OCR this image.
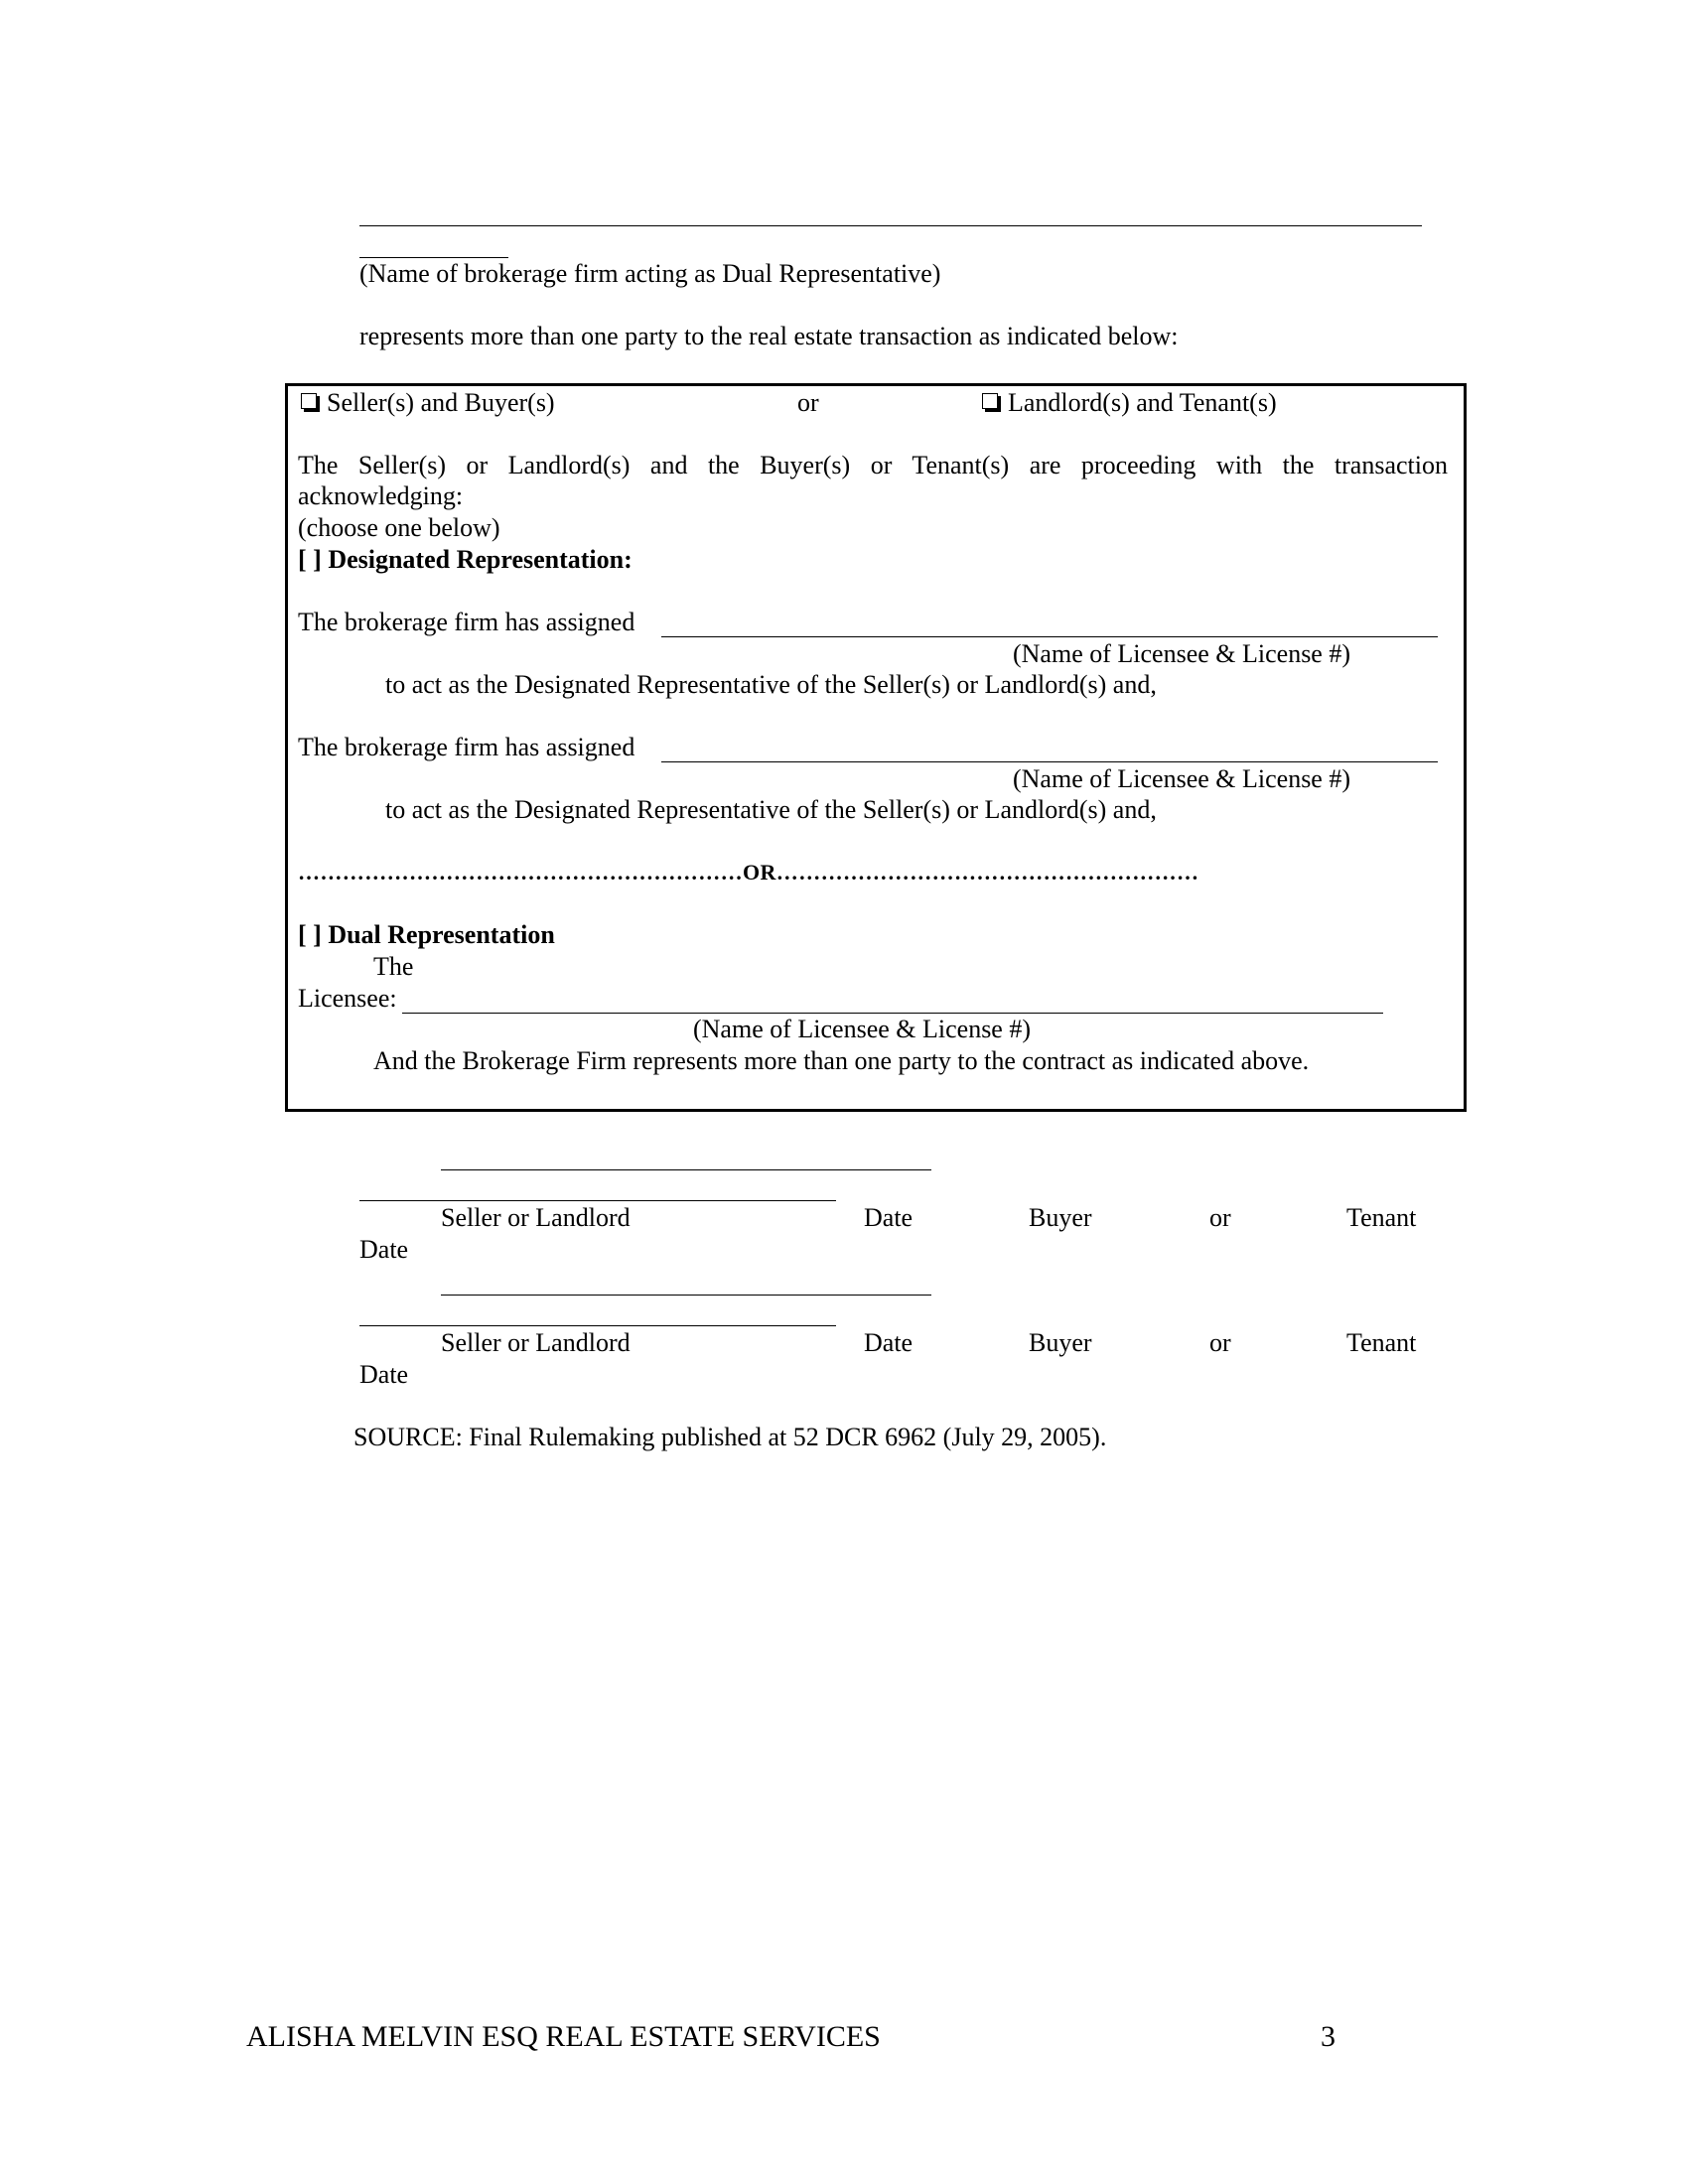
(Name of brokerage firm acting as Dual Representative)
represents more than one party to the real estate transaction as indicated below:
Seller(s) and Buyer(s)	or	Landlord(s) and Tenant(s)
The Seller(s) or Landlord(s) and the Buyer(s) or Tenant(s) are proceeding with the transaction
acknowledging:
(choose one below)
[ ] Designated Representation:
The brokerage firm has assigned
(Name of Licensee & License #)
to act as the Designated Representative of the Seller(s) or Landlord(s) and,
The brokerage firm has assigned
(Name of Licensee & License #)
to act as the Designated Representative of the Seller(s) or Landlord(s) and,
……………………………………………………OR…………………………………………………
[ ] Dual Representation
The
Licensee:
(Name of Licensee & License #)
And the Brokerage Firm represents more than one party to the contract as indicated above.
Seller or Landlord	Date	Buyer	or	Tenant
Date
Seller or Landlord	Date	Buyer	or	Tenant
Date
SOURCE: Final Rulemaking published at 52 DCR 6962 (July 29, 2005).
ALISHA MELVIN ESQ REAL ESTATE SERVICES	3
